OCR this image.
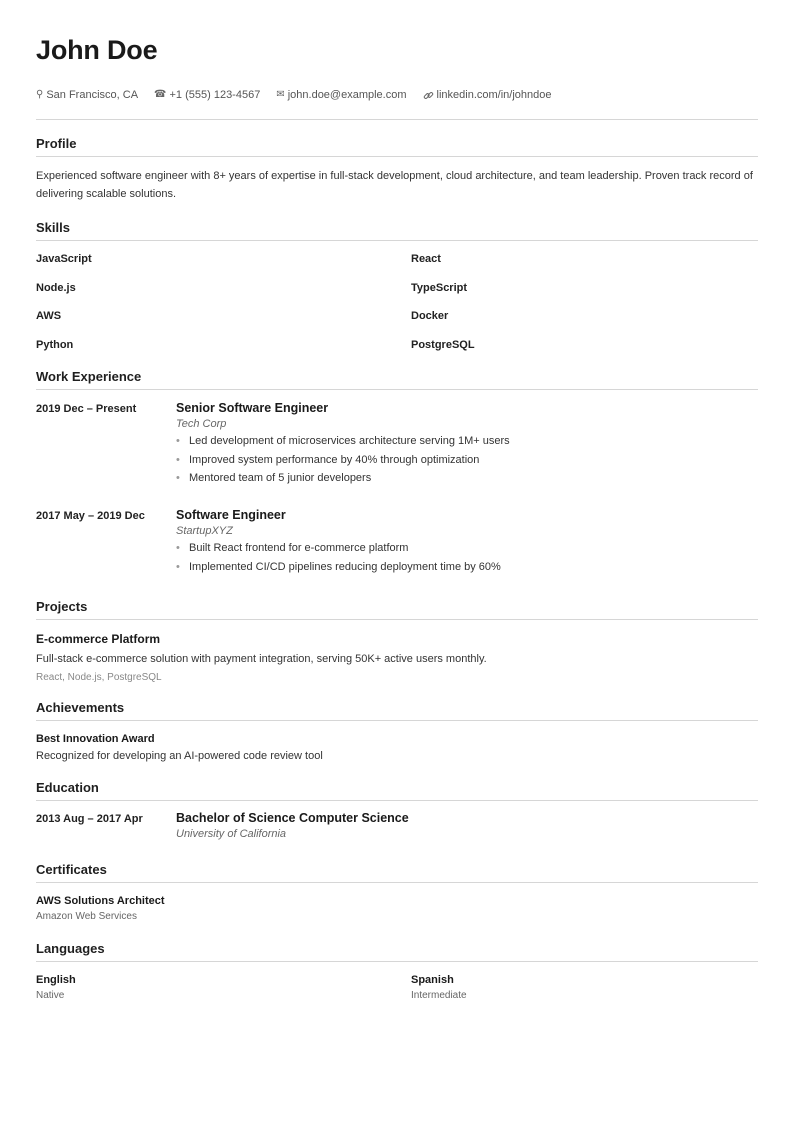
John Doe
⚲ San Francisco, CA ☎ +1 (555) 123-4567 ✉ john.doe@example.com	linkedin.com/in/johndoe
Profile
Experienced software engineer with 8+ years of expertise in full-stack development, cloud architecture, and team leadership. Proven track record of delivering scalable solutions.
Skills
JavaScript	React
Node.js	TypeScript
AWS	Docker
Python	PostgreSQL
Work Experience
2019 Dec – Present	Senior Software Engineer
Tech Corp
• Led development of microservices architecture serving 1M+ users
• Improved system performance by 40% through optimization
• Mentored team of 5 junior developers
2017 May – 2019 Dec	Software Engineer
StartupXYZ
• Built React frontend for e-commerce platform
• Implemented CI/CD pipelines reducing deployment time by 60%
Projects
E-commerce Platform
Full-stack e-commerce solution with payment integration, serving 50K+ active users monthly.
React, Node.js, PostgreSQL
Achievements
Best Innovation Award
Recognized for developing an AI-powered code review tool
Education
2013 Aug – 2017 Apr	Bachelor of Science Computer Science
University of California
Certificates
AWS Solutions Architect
Amazon Web Services
Languages
English
Native
Spanish
Intermediate
